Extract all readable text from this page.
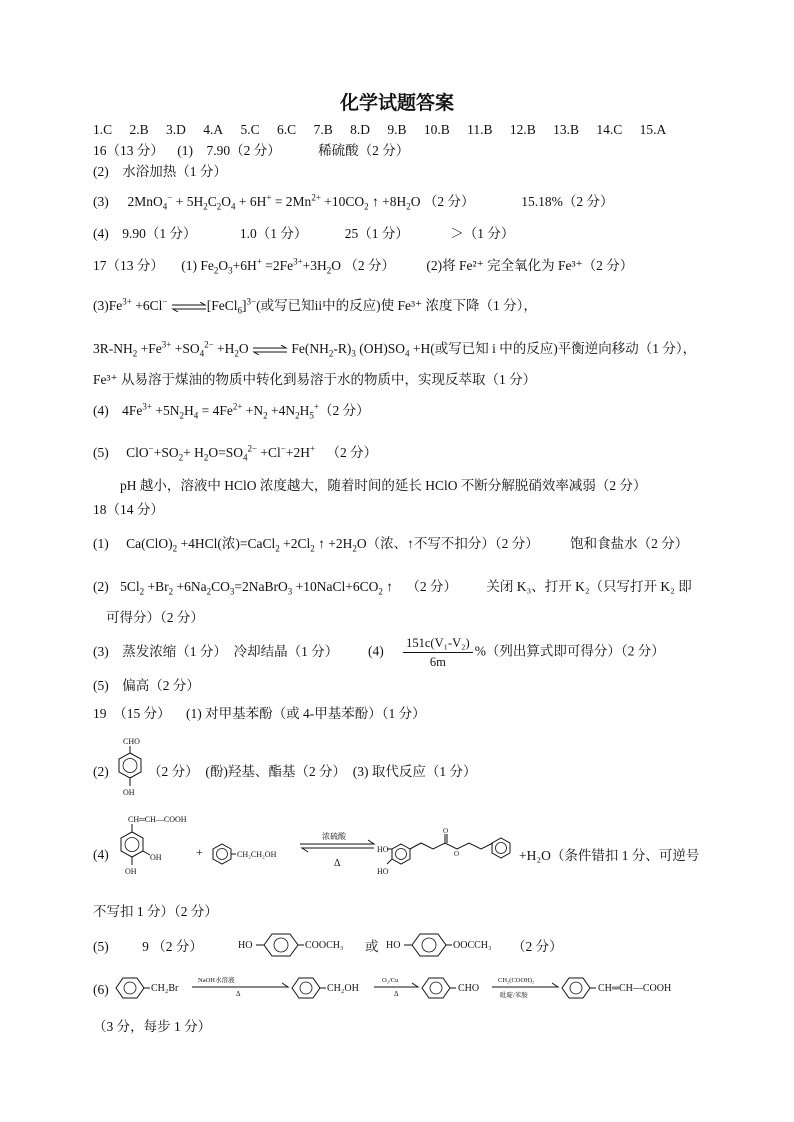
化学试题答案
1.C 2.B 3.D 4.A 5.C 6.C 7.B 8.D 9.B 10.B 11.B 12.B 13.B 14.C 15.A
16（13 分） (1)　7.90（2 分）	稀硫酸（2 分）
(2)　水浴加热（1 分）
(3) $2MnO_4^- + 5H_2C_2O_4 + 6H^+ = 2Mn^{2+} +10CO_2$ ↑ $+8H_2O$ （2 分）	15.18%（2 分）
(4)　9.90（1 分）	1.0（1 分）	25（1 分）	＞（1 分）
17（13 分） (1) $Fe_2O_3+6H^+ =2Fe^{3+}+3H_2O$ （2 分） (2)将 Fe²⁺ 完全氧化为 Fe³⁺（2 分）
$(3)Fe^{3+} +6Cl^-$ ⇌[FeCl$_6$]$^{3-}$(或写已知ii中的反应)使 Fe³⁺ 浓度下降（1 分），
$3R-NH_2 +Fe^{3+} +SO_4^{2-} +H_2O$ ⇌ $Fe(NH_2-R)_3$ $(OH)SO_4 +H$(或写已知 i 中的反应)平衡逆向移动（1 分），
Fe³⁺ 从易溶于煤油的物质中转化到易溶于水的物质中，实现反萃取（1 分）
(4) $4Fe^{3+} +5N_2H_4 = 4Fe^{2+} +N_2 +4N_2H_5^+(2$ 分）
(5) $ClO^-+SO_2+ H_2O=SO_4^{2-} +Cl^-+2H^+$ （2 分）
pH 越小，溶液中 HClO 浓度越大，随着时间的延长 HClO 不断分解脱硝效率减弱（2 分）
18（14 分）
(1) $Ca(ClO)_2 +4HCl$(浓)=CaCl$_2$ $+2Cl_2$ ↑ $+2H_2O$（浓、↑不写不扣分）（2 分） 饱和食盐水（2 分）
(2) $5Cl_2 +Br_2$ $+6Na_2CO_3=2NaBrO_3$ $+10NaCl+6CO_2$ ↑ （2 分） 关闭 K₃、打开 K₂（只写打开 K₂ 即
可得分）（2 分）
(3)　蒸发浓缩（1 分）　冷却结晶（1 分） $(4) \frac{\text{151c(V₁-V₂)}}{6m}$ %（列出算式即可得分）（2 分）
(5)　偏高（2 分）
19　（15 分） (1) 对甲基苯酚（或 4-甲基苯酚）（1 分）
(2)
CHO
OH
（2 分）　(酚)羟基、酯基（2 分）　(3) 取代反应（1 分）
(4)
CH═CH—COOH
OH
OH
+	CH₂CH₂OH
浓硫酸
Δ
HO
HO
O
O	+H₂O（条件错扣 1 分、可逆号
不写扣 1 分）（2 分）
(5) 9 （2 分）	HO	COOCH₃ 或 HO	OOCCH₃ （2 分）
(6)	CH₂Br
NaOH水溶液
Δ	CH₂OH
O₂/Cu
Δ	CHO
CH₂(COOH)₂
吡啶/苯胺
CH═CH—COOH
（3 分，每步 1 分）
